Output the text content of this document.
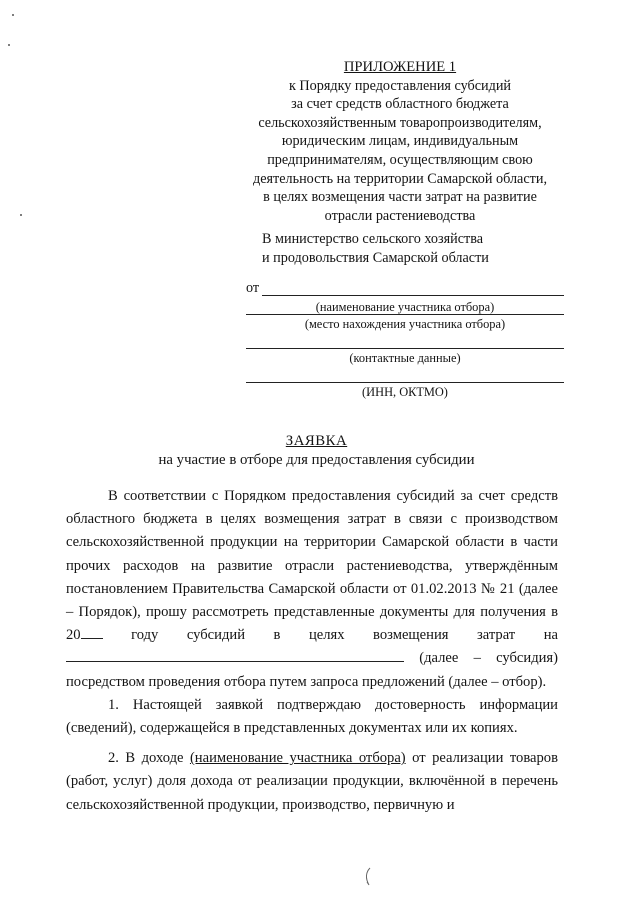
ПРИЛОЖЕНИЕ 1
к Порядку предоставления субсидий
за счет средств областного бюджета
сельскохозяйственным товаропроизводителям,
юридическим лицам, индивидуальным
предпринимателям, осуществляющим свою
деятельность на территории Самарской области,
в целях возмещения части затрат на развитие
отрасли растениеводства
В министерство сельского хозяйства
и продовольствия Самарской области
от
(наименование участника отбора)
(место нахождения участника отбора)
(контактные данные)
(ИНН, ОКТМО)
ЗАЯВКА
на участие в отборе для предоставления субсидии

В соответствии с Порядком предоставления субсидий за счет средств областного бюджета в целях возмещения затрат в связи с производством сельскохозяйственной продукции на территории Самарской области в части прочих расходов на развитие отрасли растениеводства, утверждённым постановлением Правительства Самарской области от 01.02.2013 № 21 (далее – Порядок), прошу рассмотреть представленные документы для получения в 20 году субсидий в целях возмещения затрат на  (далее – субсидия) посредством проведения отбора путем запроса предложений (далее – отбор).

1. Настоящей заявкой подтверждаю достоверность информации (сведений), содержащейся в представленных документах или их копиях.

2. В доходе (наименование участника отбора) от реализации товаров (работ, услуг) доля дохода от реализации продукции, включённой в перечень сельскохозяйственной продукции, производство, первичную и
